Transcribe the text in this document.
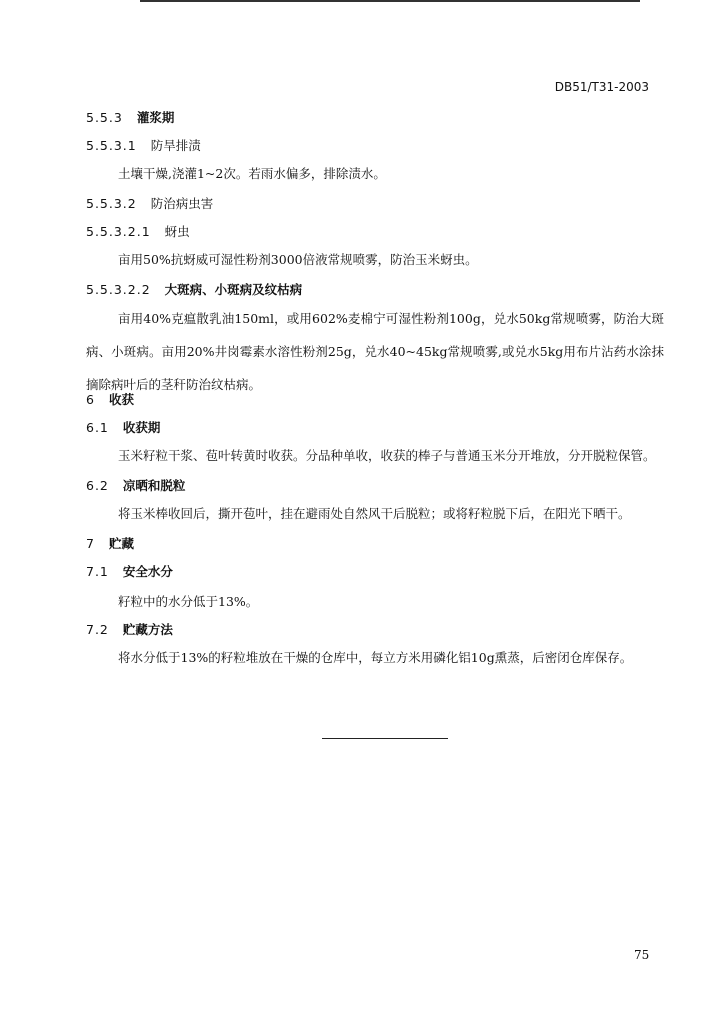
DB51/T31-2003
5.5.3 灌浆期
5.5.3.1 防旱排渍
土壤干燥,浇灌1~2次。若雨水偏多，排除渍水。
5.5.3.2 防治病虫害
5.5.3.2.1 蚜虫
亩用50%抗蚜威可湿性粉剂3000倍液常规喷雾，防治玉米蚜虫。
5.5.3.2.2 大斑病、小斑病及纹枯病
亩用40%克瘟散乳油150ml，或用602%麦棉宁可湿性粉剂100g，兑水50kg常规喷雾，防治大斑病、小斑病。亩用20%井岗霉素水溶性粉剂25g，兑水40~45kg常规喷雾,或兑水5kg用布片沾药水涂抹摘除病叶后的茎秆防治纹枯病。
6 收获
6.1 收获期
玉米籽粒干浆、苞叶转黄时收获。分品种单收，收获的棒子与普通玉米分开堆放，分开脱粒保管。
6.2 凉晒和脱粒
将玉米棒收回后，撕开苞叶，挂在避雨处自然风干后脱粒；或将籽粒脱下后，在阳光下晒干。
7 贮藏
7.1 安全水分
籽粒中的水分低于13%。
7.2 贮藏方法
将水分低于13%的籽粒堆放在干燥的仓库中，每立方米用磷化铝10g熏蒸，后密闭仓库保存。
75
